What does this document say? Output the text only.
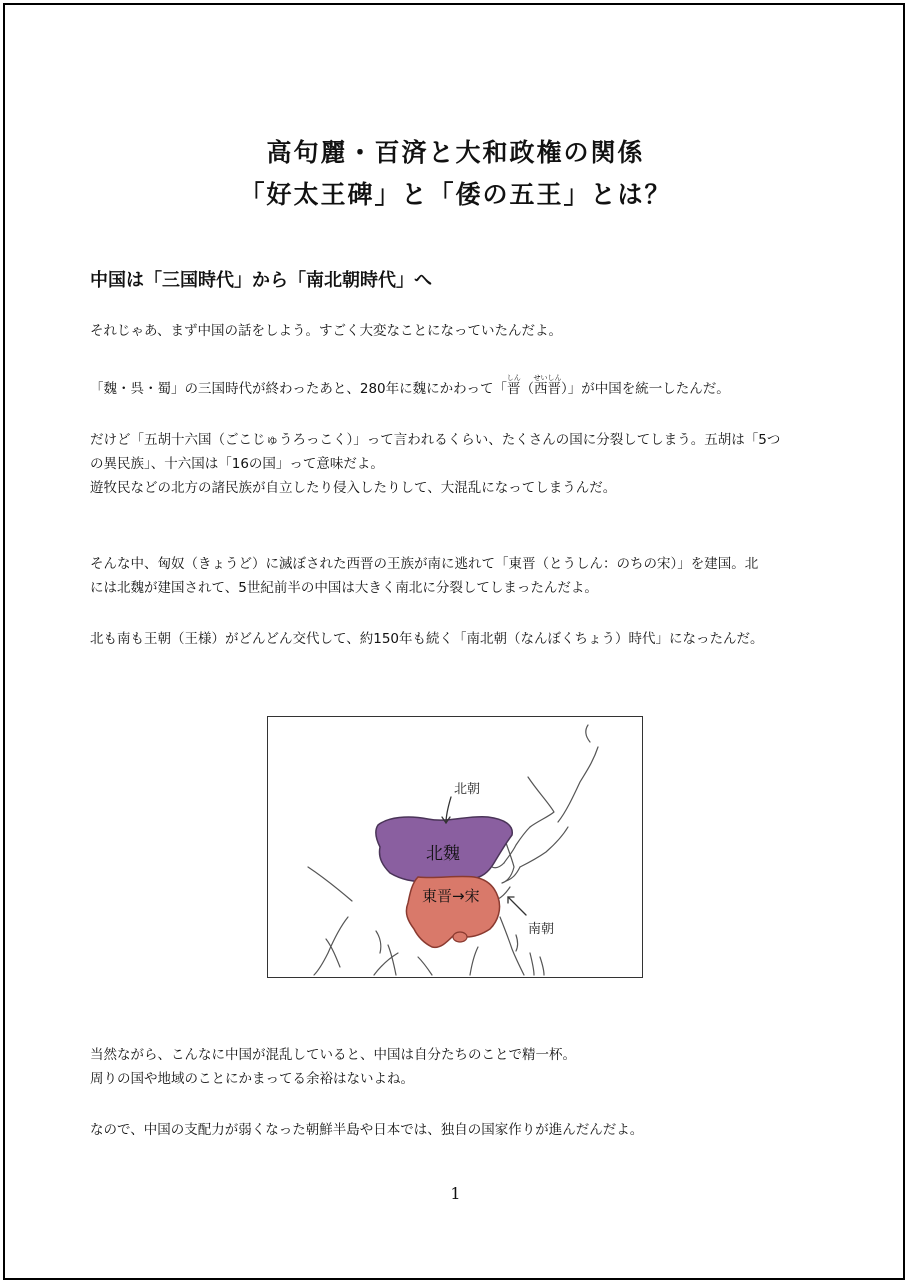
高句麗・百済と大和政権の関係
「好太王碑」と「倭の五王」とは？
中国は「三国時代」から「南北朝時代」へ
それじゃあ、まず中国の話をしよう。すごく大変なことになっていたんだよ。
「魏・呉・蜀」の三国時代が終わったあと、280年に魏にかわって「
しん
晋（
せいしん
西晋）」が中国を統一したんだ。
だけど「五胡十六国（ごこじゅうろっこく）」って言われるくらい、たくさんの国に分裂してしまう。五胡は「5つ
の異民族」、十六国は「16の国」って意味だよ。
遊牧民などの北方の諸民族が自立したり侵入したりして、大混乱になってしまうんだ。
そんな中、匈奴（きょうど）に滅ぼされた西晋の王族が南に逃れて「東晋（とうしん：のちの宋）」を建国。北
には北魏が建国されて、5世紀前半の中国は大きく南北に分裂してしまったんだよ。
北も南も王朝（王様）がどんどん交代して、約150年も続く「南北朝（なんぼくちょう）時代」になったんだ。
北朝
北魏
東晋→宋
南朝
当然ながら、こんなに中国が混乱していると、中国は自分たちのことで精一杯。
周りの国や地域のことにかまってる余裕はないよね。
なので、中国の支配力が弱くなった朝鮮半島や日本では、独自の国家作りが進んだんだよ。
1
